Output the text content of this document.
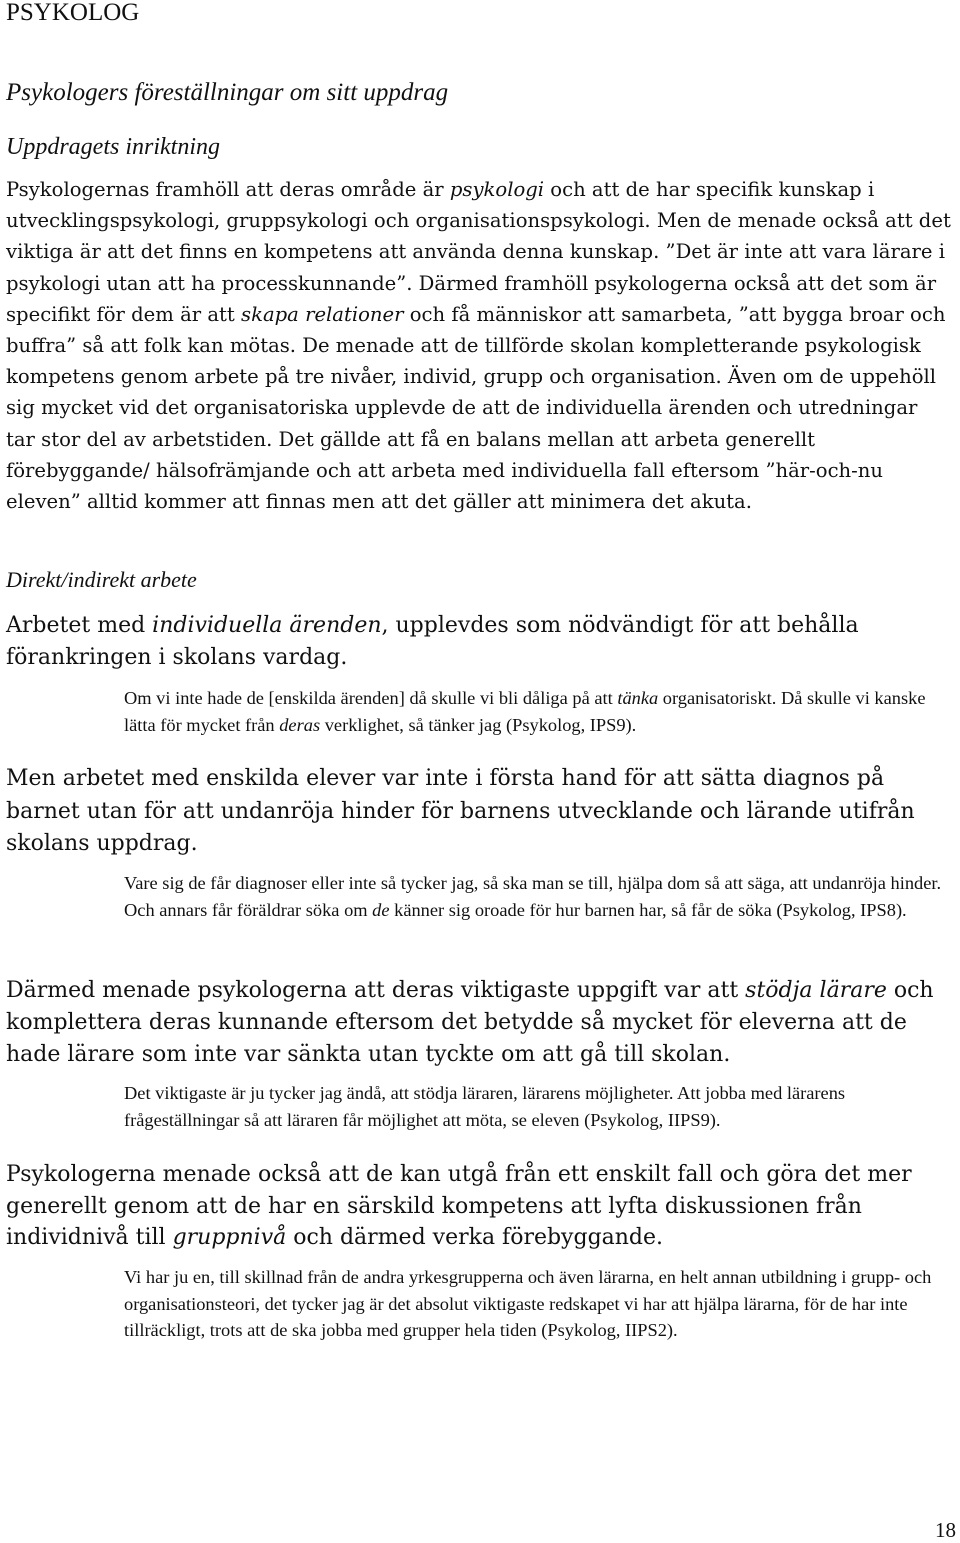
PSYKOLOG
Psykologers föreställningar om sitt uppdrag
Uppdragets inriktning

Psykologernas framhöll att deras område är psykologi och att de har specifik kunskap i utvecklingspsykologi, gruppsykologi och organisationspsykologi. Men de menade också att det viktiga är att det finns en kompetens att använda denna kunskap. ”Det är inte att vara lärare i psykologi utan att ha processkunnande”. Därmed framhöll psykologerna också att det som är specifikt för dem är att skapa relationer och få människor att samarbeta, ”att bygga broar och buffra” så att folk kan mötas. De menade att de tillförde skolan kompletterande psykologisk kompetens genom arbete på tre nivåer, individ, grupp och organisation. Även om de uppehöll sig mycket vid det organisatoriska upplevde de att de individuella ärenden och utredningar tar stor del av arbetstiden. Det gällde att få en balans mellan att arbeta generellt förebyggande/ hälsofrämjande och att arbeta med individuella fall eftersom ”här-och-nu eleven” alltid kommer att finnas men att det gäller att minimera det akuta.

Direkt/indirekt arbete

Arbetet med individuella ärenden, upplevdes som nödvändigt för att behålla förankringen i skolans vardag.

Om vi inte hade de [enskilda ärenden] då skulle vi bli dåliga på att tänka organisatoriskt. Då skulle vi kanske lätta för mycket från deras verklighet, så tänker jag (Psykolog, IPS9).

Men arbetet med enskilda elever var inte i första hand för att sätta diagnos på barnet utan för att undanröja hinder för barnens utvecklande och lärande utifrån skolans uppdrag.

Vare sig de får diagnoser eller inte så tycker jag, så ska man se till, hjälpa dom så att säga, att undanröja hinder. Och annars får föräldrar söka om de känner sig oroade för hur barnen har, så får de söka (Psykolog, IPS8).

Därmed menade psykologerna att deras viktigaste uppgift var att stödja lärare och komplettera deras kunnande eftersom det betydde så mycket för eleverna att de hade lärare som inte var sänkta utan tyckte om att gå till skolan.

Det viktigaste är ju tycker jag ändå, att stödja läraren, lärarens möjligheter. Att jobba med lärarens frågeställningar så att läraren får möjlighet att möta, se eleven (Psykolog, IIPS9).

Psykologerna menade också att de kan utgå från ett enskilt fall och göra det mer generellt genom att de har en särskild kompetens att lyfta diskussionen från individnivå till gruppnivå och därmed verka förebyggande.

Vi har ju en, till skillnad från de andra yrkesgrupperna och även lärarna, en helt annan utbildning i grupp- och organisationsteori, det tycker jag är det absolut viktigaste redskapet vi har att hjälpa lärarna, för de har inte tillräckligt, trots att de ska jobba med grupper hela tiden (Psykolog, IIPS2).

18
